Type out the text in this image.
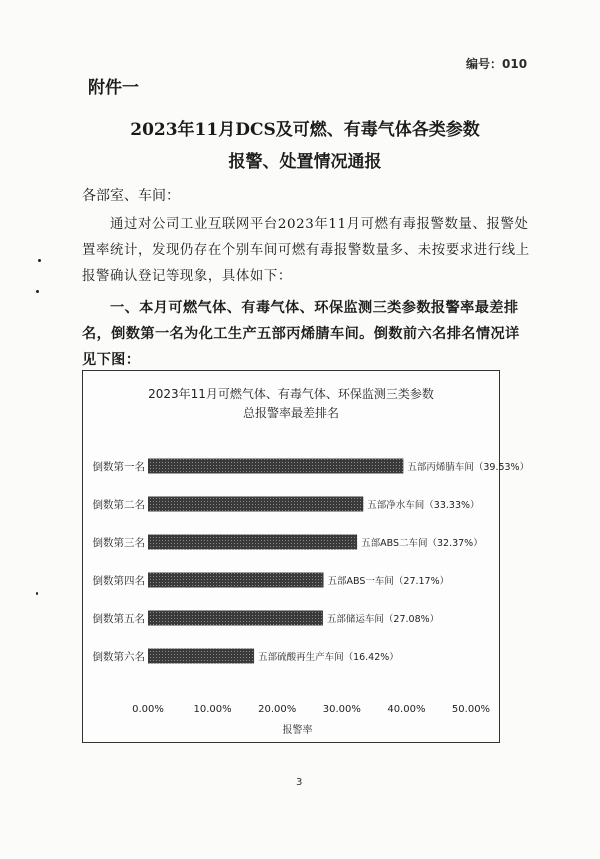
编号：010
附件一
2023年11月DCS及可燃、有毒气体各类参数
报警、处置情况通报
各部室、车间：
通过对公司工业互联网平台2023年11月可燃有毒报警数量、报警处置率统计，发现仍存在个别车间可燃有毒报警数量多、未按要求进行线上报警确认登记等现象，具体如下：
一、本月可燃气体、有毒气体、环保监测三类参数报警率最差排名，倒数第一名为化工生产五部丙烯腈车间。倒数前六名排名情况详见下图：
2023年11月可燃气体、有毒气体、环保监测三类参数
总报警率最差排名
倒数第一名	五部丙烯腈车间（39.53%）
倒数第二名	五部净水车间（33.33%）
倒数第三名	五部ABS二车间（32.37%）
倒数第四名	五部ABS一车间（27.17%）
倒数第五名	五部储运车间（27.08%）
倒数第六名	五部硫酸再生产车间（16.42%）
0.00%	10.00%	20.00%	30.00%	40.00%	50.00%
报警率
3
